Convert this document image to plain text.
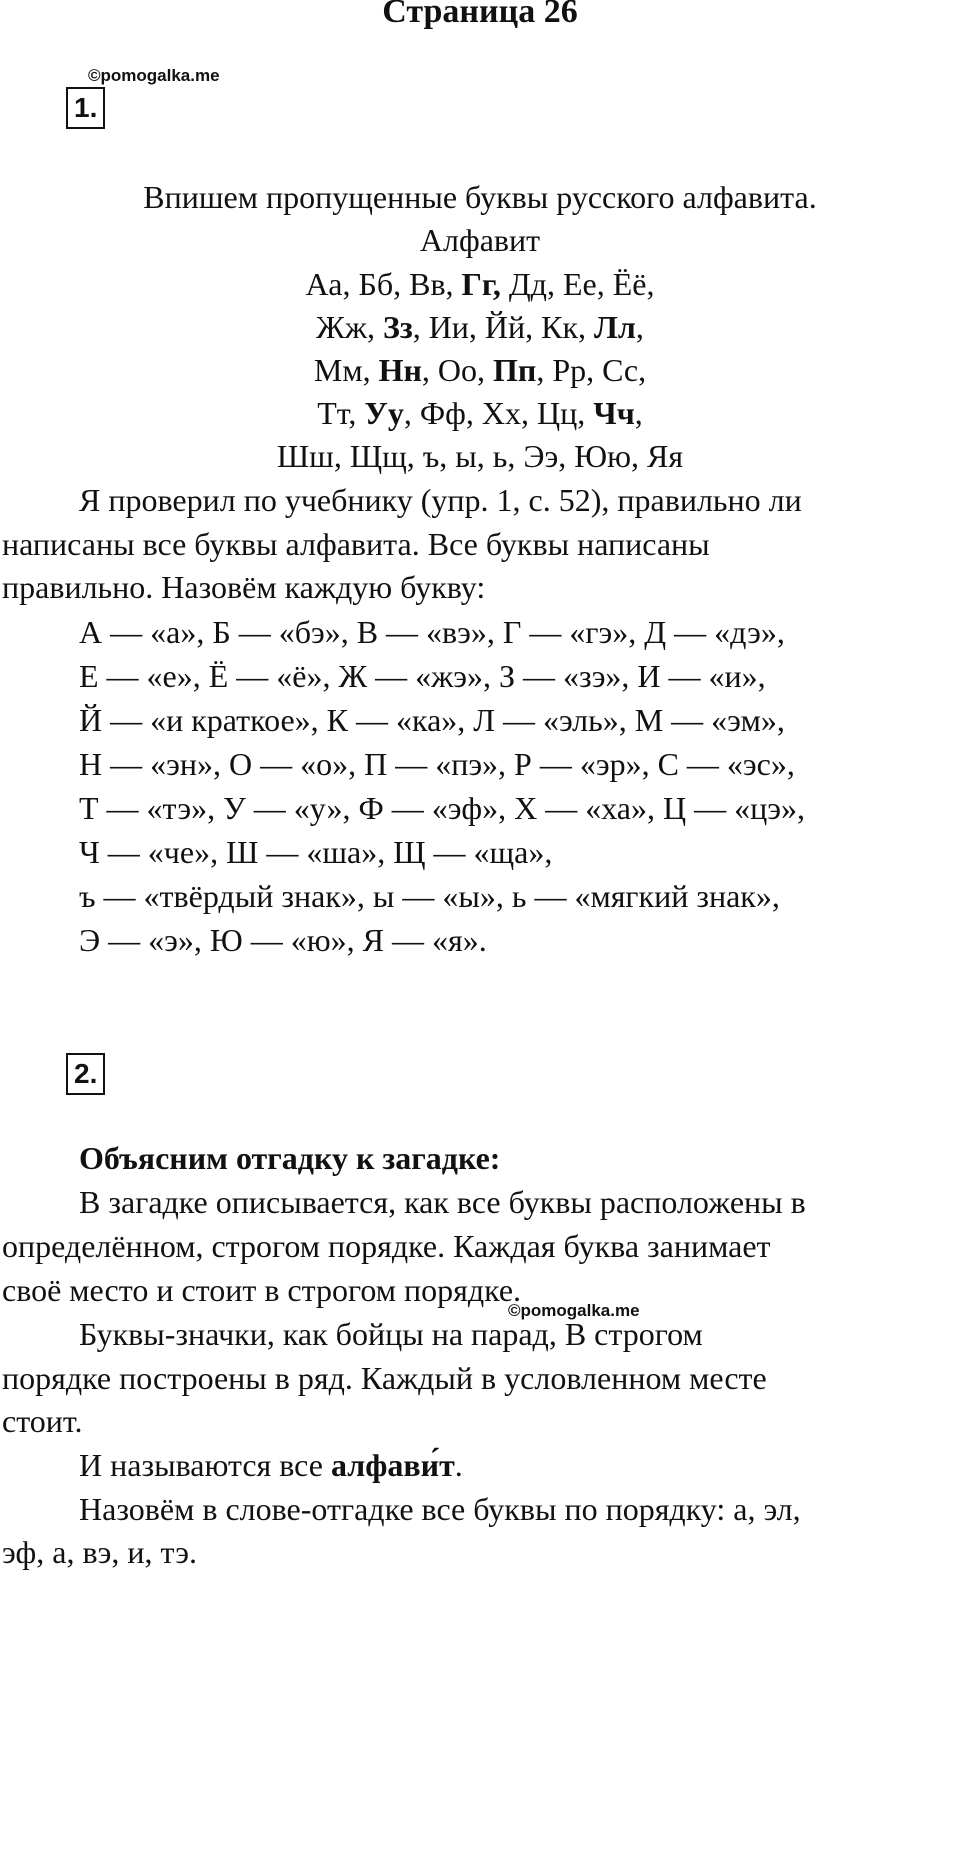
Страница 26
©pomogalka.me
1.
Впишем пропущенные буквы русского алфавита.
Алфавит
Аа, Бб, Вв, Гг, Дд, Ее, Ёё,
Жж, Зз, Ии, Йй, Кк, Лл,
Мм, Нн, Оо, Пп, Рр, Сс,
Тт, Уу, Фф, Хх, Цц, Чч,
Шш, Щщ, ъ, ы, ь, Ээ, Юю, Яя
Я проверил по учебнику (упр. 1, с. 52), правильно ли
написаны все буквы алфавита. Все буквы написаны
правильно. Назовём каждую букву:
А — «а», Б — «бэ», В — «вэ», Г — «гэ», Д — «дэ»,
Е — «е», Ё — «ё», Ж — «жэ», З — «зэ», И — «и»,
Й — «и краткое», К — «ка», Л — «эль», М — «эм»,
Н — «эн», О — «о», П — «пэ», Р — «эр», С — «эс»,
Т — «тэ», У — «у», Ф — «эф», Х — «ха», Ц — «цэ»,
Ч — «че», Ш — «ша», Щ — «ща»,
ъ — «твёрдый знак», ы — «ы», ь — «мягкий знак»,
Э — «э», Ю — «ю», Я — «я».
2.
Объясним отгадку к загадке:
В загадке описывается, как все буквы расположены в
определённом, строгом порядке. Каждая буква занимает
своё место и стоит в строгом порядке.
©pomogalka.me
Буквы-значки, как бойцы на парад, В строгом
порядке построены в ряд. Каждый в условленном месте
стоит.
И называются все алфави́т.
Назовём в слове-отгадке все буквы по порядку: а, эл,
эф, а, вэ, и, тэ.
